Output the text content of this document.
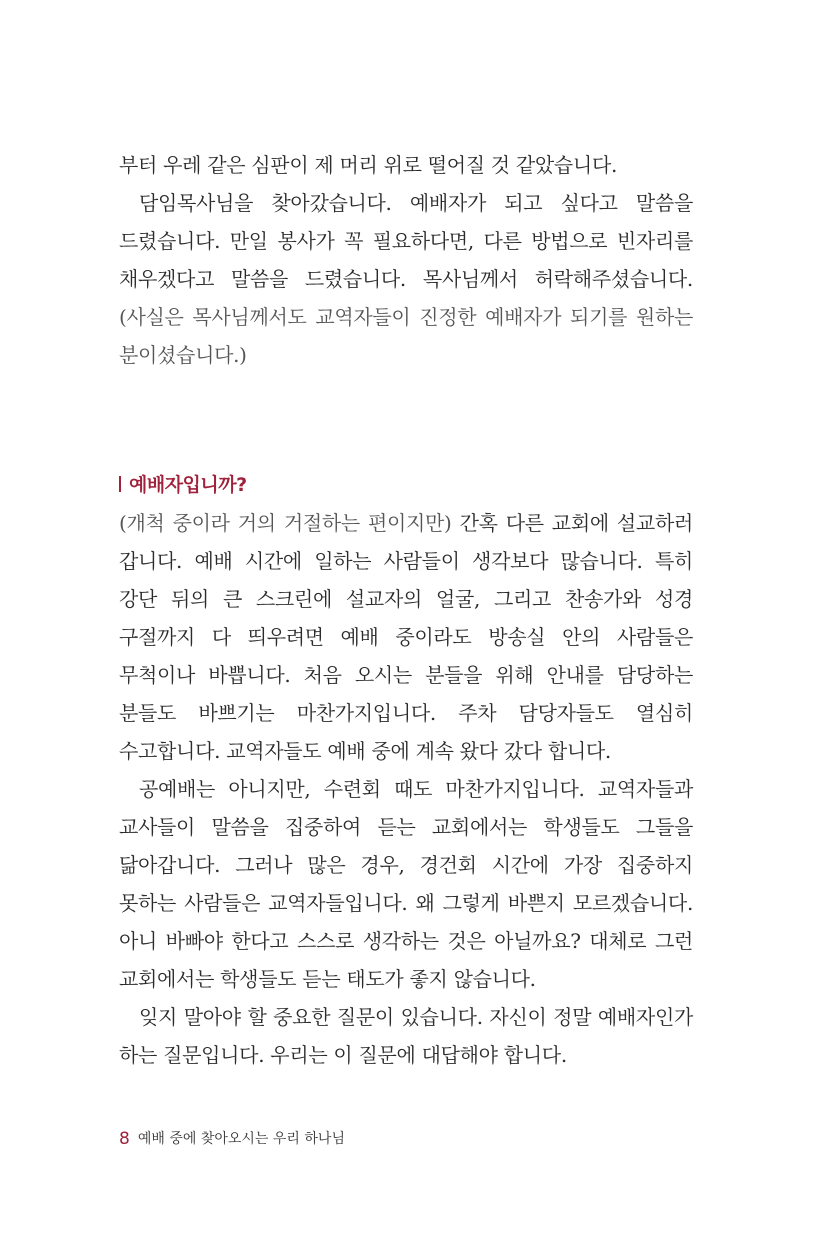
부터 우레 같은 심판이 제 머리 위로 떨어질 것 같았습니다.

담임목사님을 찾아갔습니다. 예배자가 되고 싶다고 말씀을 드렸습니다. 만일 봉사가 꼭 필요하다면, 다른 방법으로 빈자리를 채우겠다고 말씀을 드렸습니다. 목사님께서 허락해주셨습니다. (사실은 목사님께서도 교역자들이 진정한 예배자가 되기를 원하는 분이셨습니다.)

예배자입니까?

(개척 중이라 거의 거절하는 편이지만) 간혹 다른 교회에 설교하러 갑니다. 예배 시간에 일하는 사람들이 생각보다 많습니다. 특히 강단 뒤의 큰 스크린에 설교자의 얼굴, 그리고 찬송가와 성경 구절까지 다 띄우려면 예배 중이라도 방송실 안의 사람들은 무척이나 바쁩니다. 처음 오시는 분들을 위해 안내를 담당하는 분들도 바쁘기는 마찬가지입니다. 주차 담당자들도 열심히 수고합니다. 교역자들도 예배 중에 계속 왔다 갔다 합니다.

공예배는 아니지만, 수련회 때도 마찬가지입니다. 교역자들과 교사들이 말씀을 집중하여 듣는 교회에서는 학생들도 그들을 닮아갑니다. 그러나 많은 경우, 경건회 시간에 가장 집중하지 못하는 사람들은 교역자들입니다. 왜 그렇게 바쁜지 모르겠습니다. 아니 바빠야 한다고 스스로 생각하는 것은 아닐까요? 대체로 그런 교회에서는 학생들도 듣는 태도가 좋지 않습니다.

잊지 말아야 할 중요한 질문이 있습니다. 자신이 정말 예배자인가 하는 질문입니다. 우리는 이 질문에 대답해야 합니다.

8 예배 중에 찾아오시는 우리 하나님
